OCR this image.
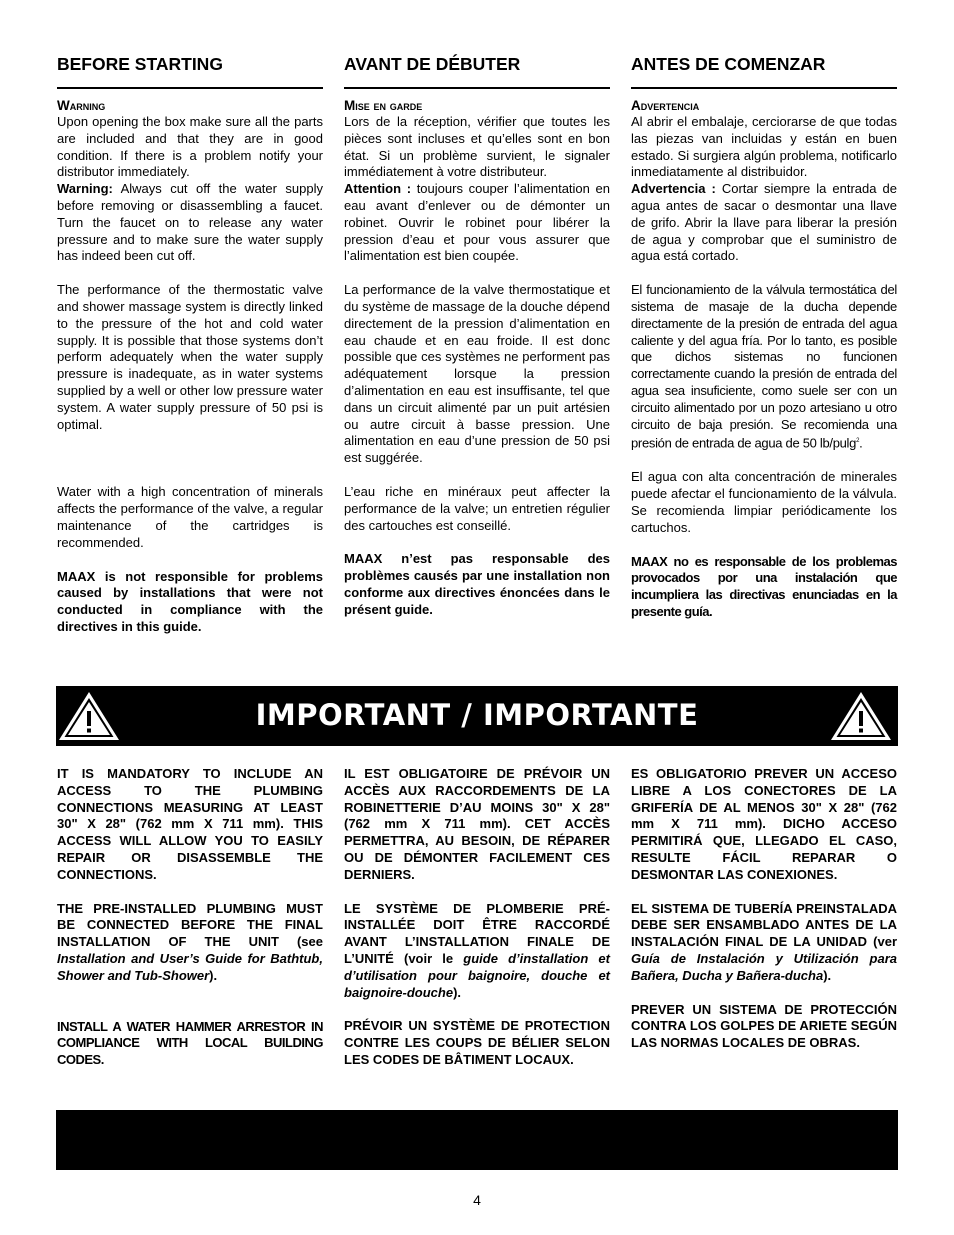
BEFORE STARTING
Warning

Upon opening the box make sure all the parts are included and that they are in good condition. If there is a problem notify your distributor immediately.

Warning: Always cut off the water supply before removing or disassembling a faucet. Turn the faucet on to release any water pressure and to make sure the water supply has indeed been cut off.

The performance of the thermostatic valve and shower massage system is directly linked to the pressure of the hot and cold water supply. It is possible that those systems don’t perform adequately when the water supply pressure is inadequate, as in water systems supplied by a well or other low pressure water system. A water supply pressure of 50 psi is optimal.

Water with a high concentration of minerals affects the performance of the valve, a regular maintenance of the cartridges is recommended.

MAAX is not responsible for problems caused by installations that were not conducted in compliance with the directives in this guide.

AVANT DE DÉBUTER
Mise en garde

Lors de la réception, vérifier que toutes les pièces sont incluses et qu’elles sont en bon état. Si un problème survient, le signaler immédiatement à votre distributeur.

Attention : toujours couper l’alimentation en eau avant d’enlever ou de démonter un robinet. Ouvrir le robinet pour libérer la pression d’eau et pour vous assurer que l’alimentation est bien coupée.

La performance de la valve thermostatique et du système de massage de la douche dépend directement de la pression d’alimentation en eau chaude et en eau froide. Il est donc possible que ces systèmes ne performent pas adéquatement lorsque la pression d’alimentation en eau est insuffisante, tel que dans un circuit alimenté par un puit artésien ou autre circuit à basse pression. Une alimentation en eau d’une pression de 50 psi est suggérée.

L’eau riche en minéraux peut affecter la performance de la valve; un entretien régulier des cartouches est conseillé.

MAAX n’est pas responsable des problèmes causés par une installation non conforme aux directives énoncées dans le présent guide.

ANTES DE COMENZAR
Advertencia

Al abrir el embalaje, cerciorarse de que todas las piezas van incluidas y están en buen estado. Si surgiera algún problema, notificarlo inmediatamente al distribuidor.

Advertencia : Cortar siempre la entrada de agua antes de sacar o desmontar una llave de grifo. Abrir la llave para liberar la presión de agua y comprobar que el suministro de agua está cortado.

El funcionamiento de la válvula termostática del sistema de masaje de la ducha depende directamente de la presión de entrada del agua caliente y del agua fría. Por lo tanto, es posible que dichos sistemas no funcionen correctamente cuando la presión de entrada del agua sea insuficiente, como suele ser con un circuito alimentado por un pozo artesiano u otro circuito de baja presión. Se recomienda una presión de entrada de agua de 50 lb/pulg$^2$.

El agua con alta concentración de minerales puede afectar el funcionamiento de la válvula. Se recomienda limpiar periódicamente los cartuchos.

MAAX no es responsable de los problemas provocados por una instalación que incumpliera las directivas enunciadas en la presente guía.

IMPORTANT / IMPORTANTE

IT IS MANDATORY TO INCLUDE AN ACCESS TO THE PLUMBING CONNECTIONS MEASURING AT LEAST 30" X 28" (762 mm X 711 mm). THIS ACCESS WILL ALLOW YOU TO EASILY REPAIR OR DISASSEMBLE THE CONNECTIONS.

THE PRE-INSTALLED PLUMBING MUST BE CONNECTED BEFORE THE FINAL INSTALLATION OF THE UNIT (see Installation and User’s Guide for Bathtub, Shower and Tub-Shower).

INSTALL A WATER HAMMER ARRESTOR IN COMPLIANCE WITH LOCAL BUILDING CODES.

IL EST OBLIGATOIRE DE PRÉVOIR UN ACCÈS AUX RACCORDEMENTS DE LA ROBINETTERIE D’AU MOINS 30" X 28" (762 mm X 711 mm). CET ACCÈS PERMETTRA, AU BESOIN, DE RÉPARER OU DE DÉMONTER FACILEMENT CES DERNIERS.

LE SYSTÈME DE PLOMBERIE PRÉ-INSTALLÉE DOIT ÊTRE RACCORDÉ AVANT L’INSTALLATION FINALE DE L’UNITÉ (voir le guide d’installation et d’utilisation pour baignoire, douche et baignoire-douche).

PRÉVOIR UN SYSTÈME DE PROTECTION CONTRE LES COUPS DE BÉLIER SELON LES CODES DE BÂTIMENT LOCAUX.

ES OBLIGATORIO PREVER UN ACCESO LIBRE A LOS CONECTORES DE LA GRIFERÍA DE AL MENOS 30" X 28" (762 mm X 711 mm). DICHO ACCESO PERMITIRÁ QUE, LLEGADO EL CASO, RESULTE FÁCIL REPARAR O DESMONTAR LAS CONEXIONES.

EL SISTEMA DE TUBERÍA PREINSTALADA DEBE SER ENSAMBLADO ANTES DE LA INSTALACIÓN FINAL DE LA UNIDAD (ver Guía de Instalación y Utilización para Bañera, Ducha y Bañera-ducha).

PREVER UN SISTEMA DE PROTECCIÓN CONTRA LOS GOLPES DE ARIETE SEGÚN LAS NORMAS LOCALES DE OBRAS.

4
